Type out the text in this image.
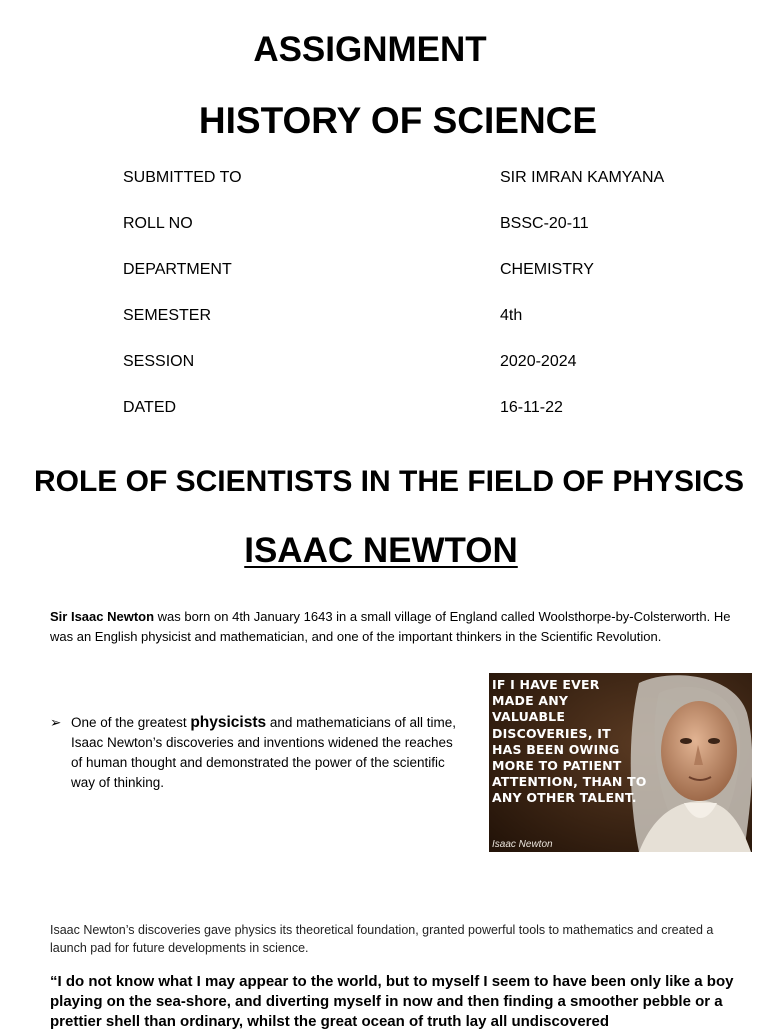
ASSIGNMENT
HISTORY OF SCIENCE
SUBMITTED TO	SIR IMRAN KAMYANA
ROLL NO	BSSC-20-11
DEPARTMENT	CHEMISTRY
SEMESTER	4th
SESSION	2020-2024
DATED	16-11-22
ROLE OF SCIENTISTS IN THE FIELD OF PHYSICS
ISAAC NEWTON
Sir Isaac Newton was born on 4th January 1643 in a small village of England called Woolsthorpe-by-Colsterworth. He was an English physicist and mathematician, and one of the important thinkers in the Scientific Revolution.
➢ One of the greatest physicists and mathematicians of all time, Isaac Newton’s discoveries and inventions widened the reaches of human thought and demonstrated the power of the scientific way of thinking.
IF I HAVE EVER
MADE ANY
VALUABLE
DISCOVERIES, IT
HAS BEEN OWING
MORE TO PATIENT
ATTENTION, THAN TO
ANY OTHER TALENT.
Isaac Newton
Isaac Newton’s discoveries gave physics its theoretical foundation, granted powerful tools to mathematics and created a launch pad for future developments in science.
“I do not know what I may appear to the world, but to myself I seem to have been only like a boy playing on the sea-shore, and diverting myself in now and then finding a smoother pebble or a prettier shell than ordinary, whilst the great ocean of truth lay all undiscovered
